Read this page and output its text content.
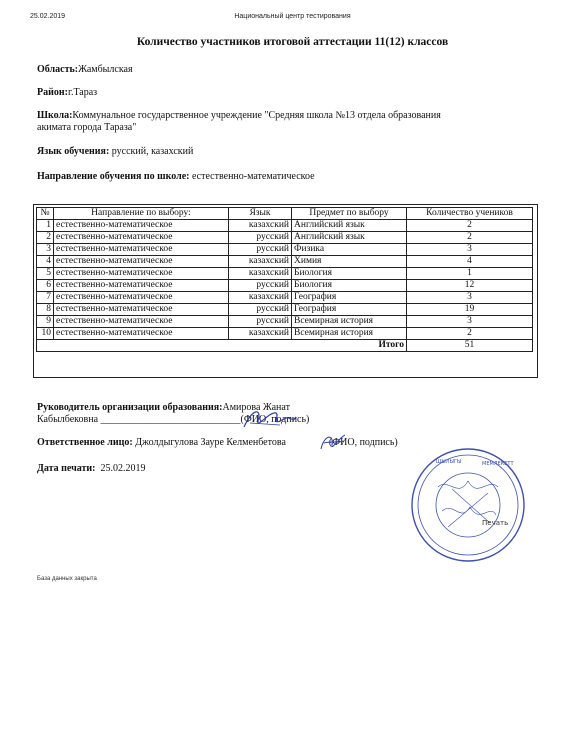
25.02.2019	Национальный центр тестирования
Количество участников итоговой аттестации 11(12) классов
Область:Жамбылская
Район:г.Тараз
Школа:Коммунальное государственное учреждение "Средняя школа №13 отдела образования
акимата города Тараза"
Язык обучения: русский, казахский
Направление обучения по школе: естественно-математическое
№	Направление по выбору:	Язык	Предмет по выбору	Количество учеников
1	естественно-математическое	казахский	Английский язык	2
2	естественно-математическое	русский	Английский язык	2
3	естественно-математическое	русский	Физика	3
4	естественно-математическое	казахский	Химия	4
5	естественно-математическое	казахский	Биология	1
6	естественно-математическое	русский	Биология	12
7	естественно-математическое	казахский	География	3
8	естественно-математическое	русский	География	19
9	естественно-математическое	русский	Всемирная история	3
10	естественно-математическое	казахский	Всемирная история	2
Итого				51
Руководитель организации образования:Амирова Жанат
Кабылбековна ____________________________(ФИО, подпись)
Ответственное лицо: Джолдыгулова Зауре Келменбетова	(ФИО, подпись)
Дата печати: 25.02.2019
ШЫЛЫГЫ	МЕМЛЕКЕТТ
Печать
База данных закрыта
